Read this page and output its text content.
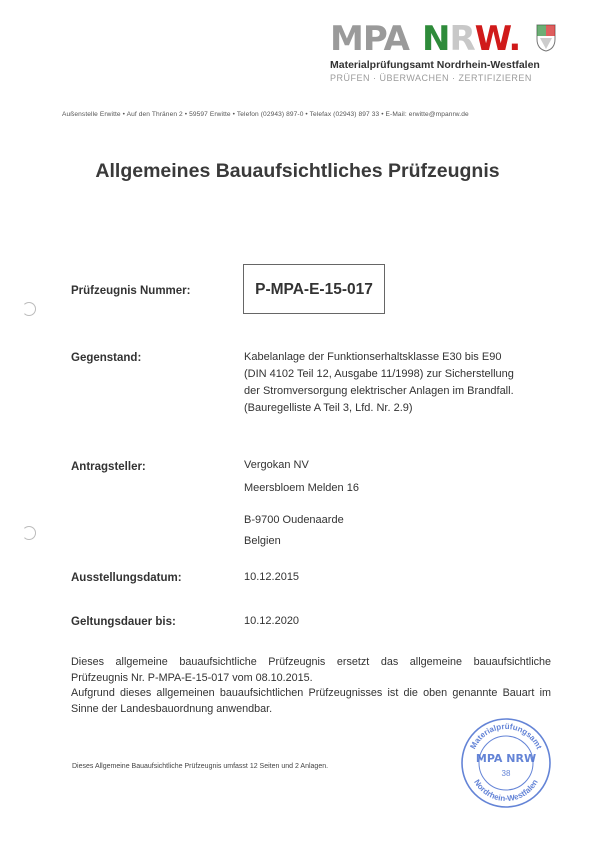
MPA NRW.
Materialprüfungsamt Nordrhein-Westfalen
PRÜFEN · ÜBERWACHEN · ZERTIFIZIEREN
Außenstelle Erwitte • Auf den Thränen 2 • 59597 Erwitte • Telefon (02943) 897-0 • Telefax (02943) 897 33 • E-Mail: erwitte@mpanrw.de
Allgemeines Bauaufsichtliches Prüfzeugnis
Prüfzeugnis Nummer:	P-MPA-E-15-017
Gegenstand:	Kabelanlage der Funktionserhaltsklasse E30 bis E90
(DIN 4102 Teil 12, Ausgabe 11/1998) zur Sicherstellung
der Stromversorgung elektrischer Anlagen im Brandfall.
(Bauregelliste A Teil 3, Lfd. Nr. 2.9)
Antragsteller:	Vergokan NV
Meersbloem Melden 16
B-9700 Oudenaarde
Belgien
Ausstellungsdatum:	10.12.2015
Geltungsdauer bis:	10.12.2020

Dieses allgemeine bauaufsichtliche Prüfzeugnis ersetzt das allgemeine bauaufsichtliche Prüfzeugnis Nr. P-MPA-E-15-017 vom 08.10.2015.

Aufgrund dieses allgemeinen bauaufsichtlichen Prüfzeugnisses ist die oben genannte Bauart im Sinne der Landesbauordnung anwendbar.

Dieses Allgemeine Bauaufsichtliche Prüfzeugnis umfasst 12 Seiten und 2 Anlagen.
Materialprüfungsamt
Nordrhein-Westfalen
MPA NRW
38
